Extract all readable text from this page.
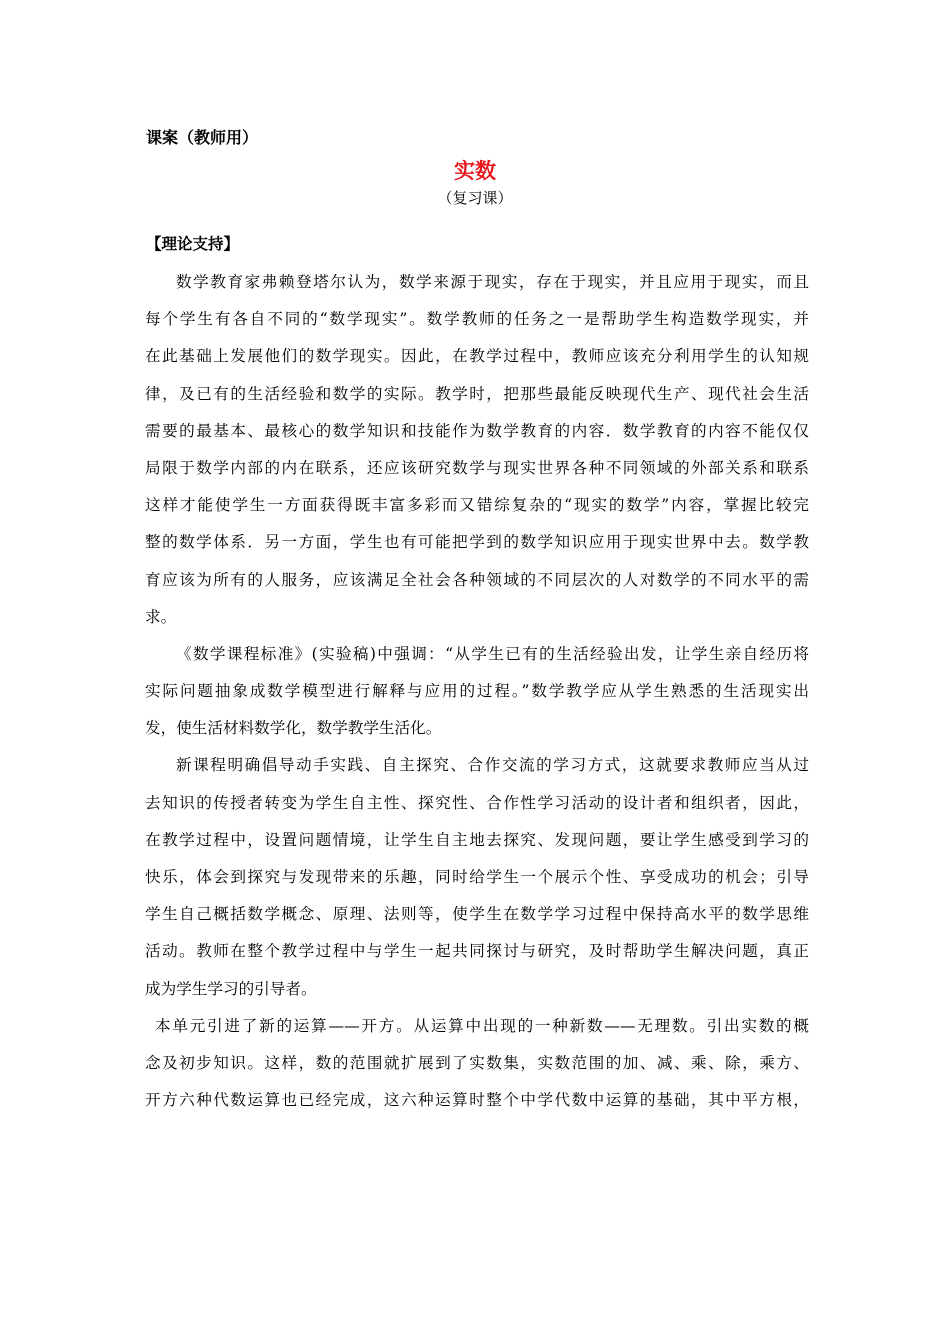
课案（教师用）
实数
（复习课）
【理论支持】
数学教育家弗赖登塔尔认为，数学来源于现实，存在于现实，并且应用于现实，而且
每个学生有各自不同的“数学现实”。数学教师的任务之一是帮助学生构造数学现实，并
在此基础上发展他们的数学现实。因此，在教学过程中，教师应该充分利用学生的认知规
律，及已有的生活经验和数学的实际。教学时，把那些最能反映现代生产、现代社会生活
需要的最基本、最核心的数学知识和技能作为数学教育的内容．数学教育的内容不能仅仅
局限于数学内部的内在联系，还应该研究数学与现实世界各种不同领域的外部关系和联系
这样才能使学生一方面获得既丰富多彩而又错综复杂的“现实的数学”内容，掌握比较完
整的数学体系．另一方面，学生也有可能把学到的数学知识应用于现实世界中去。数学教
育应该为所有的人服务，应该满足全社会各种领域的不同层次的人对数学的不同水平的需
求。
《数学课程标准》(实验稿)中强调：“从学生已有的生活经验出发，让学生亲自经历将
实际问题抽象成数学模型进行解释与应用的过程。”数学教学应从学生熟悉的生活现实出
发，使生活材料数学化，数学教学生活化。
新课程明确倡导动手实践、自主探究、合作交流的学习方式，这就要求教师应当从过
去知识的传授者转变为学生自主性、探究性、合作性学习活动的设计者和组织者，因此，
在教学过程中，设置问题情境，让学生自主地去探究、发现问题，要让学生感受到学习的
快乐，体会到探究与发现带来的乐趣，同时给学生一个展示个性、享受成功的机会；引导
学生自己概括数学概念、原理、法则等，使学生在数学学习过程中保持高水平的数学思维
活动。教师在整个教学过程中与学生一起共同探讨与研究，及时帮助学生解决问题，真正
成为学生学习的引导者。
本单元引进了新的运算——开方。从运算中出现的一种新数——无理数。引出实数的概
念及初步知识。这样，数的范围就扩展到了实数集，实数范围的加、减、乘、除，乘方、
开方六种代数运算也已经完成，这六种运算时整个中学代数中运算的基础，其中平方根，
